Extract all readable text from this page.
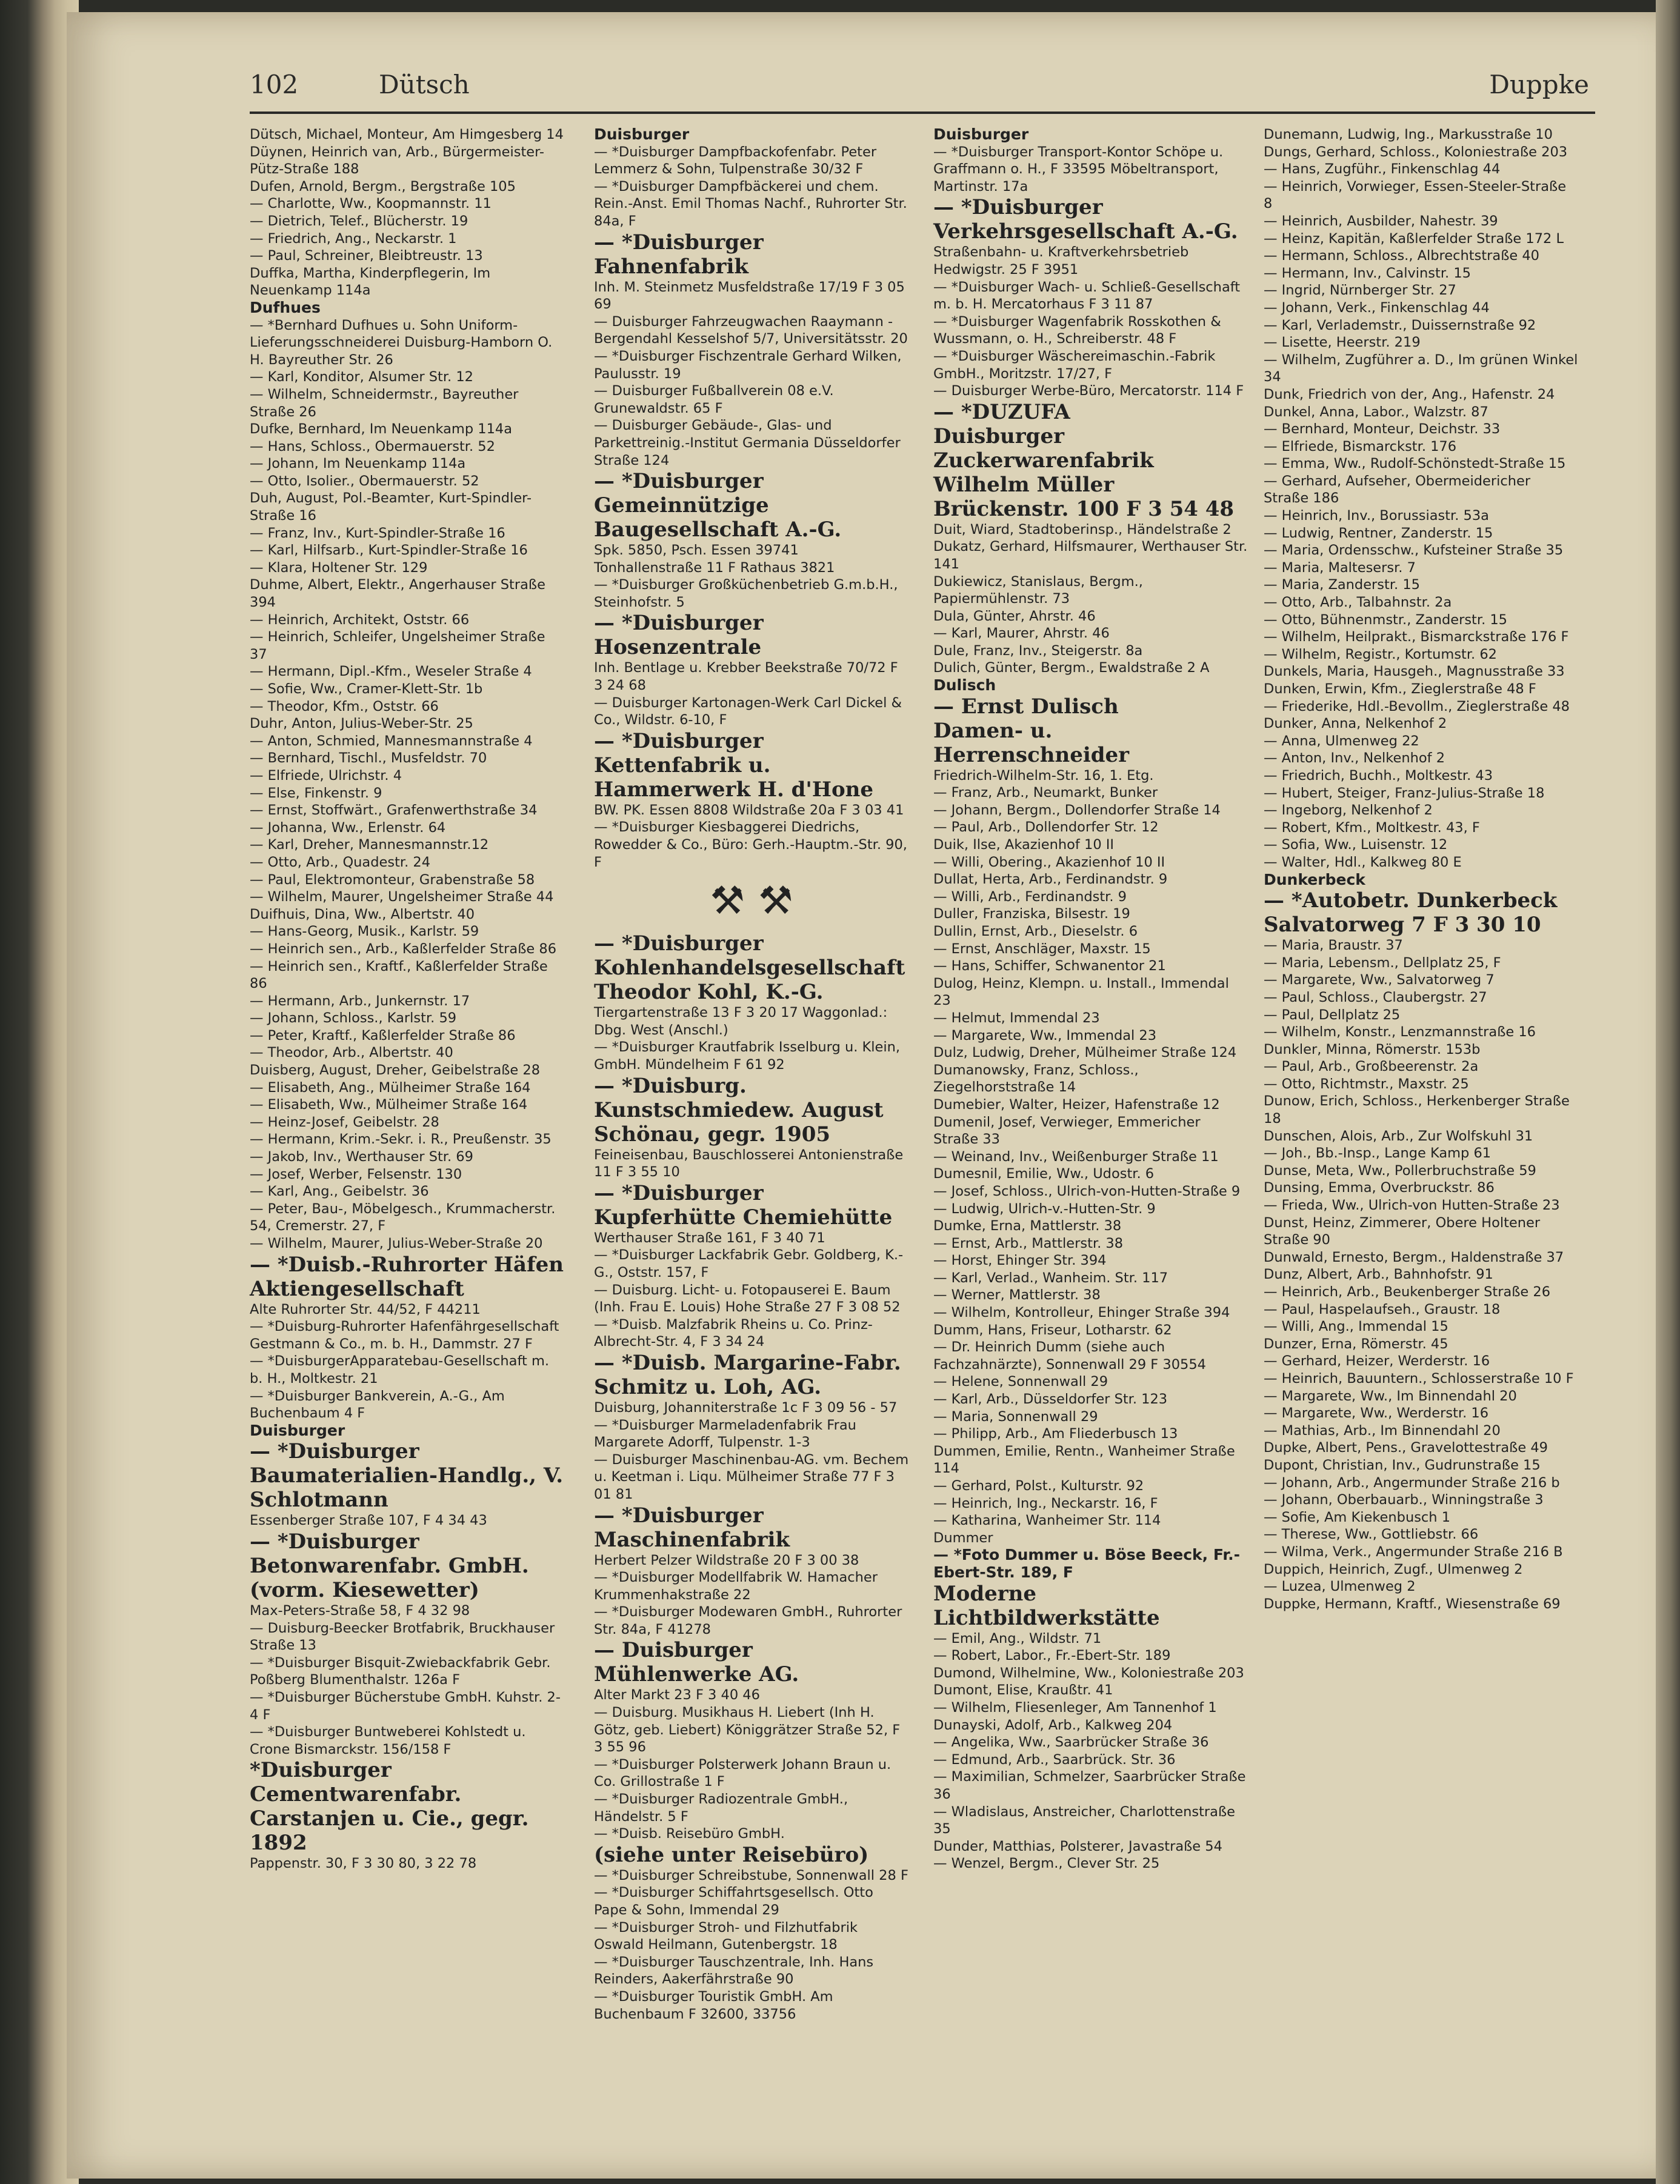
102	Dütsch	Duppke

Dütsch, Michael, Monteur, Am Himgesberg 14

Düynen, Heinrich van, Arb., Bürgermeister-Pütz-Straße 188

Dufen, Arnold, Bergm., Bergstraße 105

— Charlotte, Ww., Koopmannstr. 11

— Dietrich, Telef., Blücherstr. 19

— Friedrich, Ang., Neckarstr. 1

— Paul, Schreiner, Bleibtreustr. 13

Duffka, Martha, Kinderpflegerin, Im Neuenkamp 114a

Dufhues

— *Bernhard Dufhues u. Sohn Uniform-Lieferungsschneiderei Duisburg-Hamborn O. H. Bayreuther Str. 26

— Karl, Konditor, Alsumer Str. 12

— Wilhelm, Schneidermstr., Bayreuther Straße 26

Dufke, Bernhard, Im Neuenkamp 114a

— Hans, Schloss., Obermauerstr. 52

— Johann, Im Neuenkamp 114a

— Otto, Isolier., Obermauerstr. 52

Duh, August, Pol.-Beamter, Kurt-Spindler-Straße 16

— Franz, Inv., Kurt-Spindler-Straße 16

— Karl, Hilfsarb., Kurt-Spindler-Straße 16

— Klara, Holtener Str. 129

Duhme, Albert, Elektr., Angerhauser Straße 394

— Heinrich, Architekt, Oststr. 66

— Heinrich, Schleifer, Ungelsheimer Straße 37

— Hermann, Dipl.-Kfm., Weseler Straße 4

— Sofie, Ww., Cramer-Klett-Str. 1b

— Theodor, Kfm., Oststr. 66

Duhr, Anton, Julius-Weber-Str. 25

— Anton, Schmied, Mannesmannstraße 4

— Bernhard, Tischl., Musfeldstr. 70

— Elfriede, Ulrichstr. 4

— Else, Finkenstr. 9

— Ernst, Stoffwärt., Grafenwerthstraße 34

— Johanna, Ww., Erlenstr. 64

— Karl, Dreher, Mannesmannstr.12

— Otto, Arb., Quadestr. 24

— Paul, Elektromonteur, Grabenstraße 58

— Wilhelm, Maurer, Ungelsheimer Straße 44

Duifhuis, Dina, Ww., Albertstr. 40

— Hans-Georg, Musik., Karlstr. 59

— Heinrich sen., Arb., Kaßlerfelder Straße 86

— Heinrich sen., Kraftf., Kaßlerfelder Straße 86

— Hermann, Arb., Junkernstr. 17

— Johann, Schloss., Karlstr. 59

— Peter, Kraftf., Kaßlerfelder Straße 86

— Theodor, Arb., Albertstr. 40

Duisberg, August, Dreher, Geibelstraße 28

— Elisabeth, Ang., Mülheimer Straße 164

— Elisabeth, Ww., Mülheimer Straße 164

— Heinz-Josef, Geibelstr. 28

— Hermann, Krim.-Sekr. i. R., Preußenstr. 35

— Jakob, Inv., Werthauser Str. 69

— Josef, Werber, Felsenstr. 130

— Karl, Ang., Geibelstr. 36

— Peter, Bau-, Möbelgesch., Krummacherstr. 54, Cremerstr. 27, F

— Wilhelm, Maurer, Julius-Weber-Straße 20

— *Duisb.-Ruhrorter Häfen Aktiengesellschaft

Alte Ruhrorter Str. 44/52, F 44211

— *Duisburg-Ruhrorter Hafenfährgesellschaft Gestmann & Co., m. b. H., Dammstr. 27 F

— *DuisburgerApparatebau-Gesellschaft m. b. H., Moltkestr. 21

— *Duisburger Bankverein, A.-G., Am Buchenbaum 4 F

Duisburger

— *Duisburger Baumaterialien-Handlg., V. Schlotmann

Essenberger Straße 107, F 4 34 43

— *Duisburger Betonwarenfabr. GmbH. (vorm. Kiesewetter)

Max-Peters-Straße 58, F 4 32 98

— Duisburg-Beecker Brotfabrik, Bruckhauser Straße 13

— *Duisburger Bisquit-Zwiebackfabrik Gebr. Poßberg Blumenthalstr. 126a F

— *Duisburger Bücherstube GmbH. Kuhstr. 2-4 F

— *Duisburger Buntweberei Kohlstedt u. Crone Bismarckstr. 156/158 F

*Duisburger Cementwarenfabr. Carstanjen u. Cie., gegr. 1892

Pappenstr. 30, F 3 30 80, 3 22 78

Duisburger

— *Duisburger Dampfbackofenfabr. Peter Lemmerz & Sohn, Tulpenstraße 30/32 F

— *Duisburger Dampfbäckerei und chem. Rein.-Anst. Emil Thomas Nachf., Ruhrorter Str. 84a, F

— *Duisburger Fahnenfabrik

Inh. M. Steinmetz Musfeldstraße 17/19 F 3 05 69

— Duisburger Fahrzeugwachen Raaymann - Bergendahl Kesselshof 5/7, Universitätsstr. 20

— *Duisburger Fischzentrale Gerhard Wilken, Paulusstr. 19

— Duisburger Fußballverein 08 e.V. Grunewaldstr. 65 F

— Duisburger Gebäude-, Glas- und Parkettreinig.-Institut Germania Düsseldorfer Straße 124

— *Duisburger Gemeinnützige Baugesellschaft A.-G.

Spk. 5850, Psch. Essen 39741 Tonhallenstraße 11 F Rathaus 3821

— *Duisburger Großküchenbetrieb G.m.b.H., Steinhofstr. 5

— *Duisburger Hosenzentrale

Inh. Bentlage u. Krebber Beekstraße 70/72 F 3 24 68

— Duisburger Kartonagen-Werk Carl Dickel & Co., Wildstr. 6-10, F

— *Duisburger Kettenfabrik u. Hammerwerk H. d'Hone

BW. PK. Essen 8808 Wildstraße 20a F 3 03 41

— *Duisburger Kiesbaggerei Diedrichs, Rowedder & Co., Büro: Gerh.-Hauptm.-Str. 90, F

⚒ ⚒

— *Duisburger Kohlenhandelsgesellschaft

Theodor Kohl, K.-G.

Tiergartenstraße 13 F 3 20 17 Waggonlad.: Dbg. West (Anschl.)

— *Duisburger Krautfabrik Isselburg u. Klein, GmbH. Mündelheim F 61 92

— *Duisburg. Kunstschmiedew. August Schönau, gegr. 1905

Feineisenbau, Bauschlosserei Antonienstraße 11 F 3 55 10

— *Duisburger Kupferhütte Chemiehütte

Werthauser Straße 161, F 3 40 71

— *Duisburger Lackfabrik Gebr. Goldberg, K.-G., Oststr. 157, F

— Duisburg. Licht- u. Fotopauserei E. Baum (Inh. Frau E. Louis) Hohe Straße 27 F 3 08 52

— *Duisb. Malzfabrik Rheins u. Co. Prinz-Albrecht-Str. 4, F 3 34 24

— *Duisb. Margarine-Fabr. Schmitz u. Loh, AG.

Duisburg, Johanniterstraße 1c F 3 09 56 - 57

— *Duisburger Marmeladenfabrik Frau Margarete Adorff, Tulpenstr. 1-3

— Duisburger Maschinenbau-AG. vm. Bechem u. Keetman i. Liqu. Mülheimer Straße 77 F 3 01 81

— *Duisburger Maschinenfabrik

Herbert Pelzer Wildstraße 20 F 3 00 38

— *Duisburger Modellfabrik W. Hamacher Krummenhakstraße 22

— *Duisburger Modewaren GmbH., Ruhrorter Str. 84a, F 41278

— Duisburger Mühlenwerke AG.

Alter Markt 23 F 3 40 46

— Duisburg. Musikhaus H. Liebert (Inh H. Götz, geb. Liebert) Königgrätzer Straße 52, F 3 55 96

— *Duisburger Polsterwerk Johann Braun u. Co. Grillostraße 1 F

— *Duisburger Radiozentrale GmbH., Händelstr. 5 F

— *Duisb. Reisebüro GmbH.

(siehe unter Reisebüro)

— *Duisburger Schreibstube, Sonnenwall 28 F

— *Duisburger Schiffahrtsgesellsch. Otto Pape & Sohn, Immendal 29

— *Duisburger Stroh- und Filzhutfabrik Oswald Heilmann, Gutenbergstr. 18

— *Duisburger Tauschzentrale, Inh. Hans Reinders, Aakerfährstraße 90

— *Duisburger Touristik GmbH. Am Buchenbaum F 32600, 33756

Duisburger

— *Duisburger Transport-Kontor Schöpe u. Graffmann o. H., F 33595 Möbeltransport, Martinstr. 17a

— *Duisburger Verkehrsgesellschaft A.-G.

Straßenbahn- u. Kraftverkehrsbetrieb Hedwigstr. 25 F 3951

— *Duisburger Wach- u. Schließ-Gesellschaft m. b. H. Mercatorhaus F 3 11 87

— *Duisburger Wagenfabrik Rosskothen & Wussmann, o. H., Schreiberstr. 48 F

— *Duisburger Wäschereimaschin.-Fabrik GmbH., Moritzstr. 17/27, F

— Duisburger Werbe-Büro, Mercatorstr. 114 F

— *DUZUFA

Duisburger Zuckerwarenfabrik Wilhelm Müller

Brückenstr. 100 F 3 54 48

Duit, Wiard, Stadtoberinsp., Händelstraße 2

Dukatz, Gerhard, Hilfsmaurer, Werthauser Str. 141

Dukiewicz, Stanislaus, Bergm., Papiermühlenstr. 73

Dula, Günter, Ahrstr. 46

— Karl, Maurer, Ahrstr. 46

Dule, Franz, Inv., Steigerstr. 8a

Dulich, Günter, Bergm., Ewaldstraße 2 A

Dulisch

— Ernst Dulisch

Damen- u. Herrenschneider

Friedrich-Wilhelm-Str. 16, 1. Etg.

— Franz, Arb., Neumarkt, Bunker

— Johann, Bergm., Dollendorfer Straße 14

— Paul, Arb., Dollendorfer Str. 12

Duik, Ilse, Akazienhof 10 II

— Willi, Obering., Akazienhof 10 II

Dullat, Herta, Arb., Ferdinandstr. 9

— Willi, Arb., Ferdinandstr. 9

Duller, Franziska, Bilsestr. 19

Dullin, Ernst, Arb., Dieselstr. 6

— Ernst, Anschläger, Maxstr. 15

— Hans, Schiffer, Schwanentor 21

Dulog, Heinz, Klempn. u. Install., Immendal 23

— Helmut, Immendal 23

— Margarete, Ww., Immendal 23

Dulz, Ludwig, Dreher, Mülheimer Straße 124

Dumanowsky, Franz, Schloss., Ziegelhorststraße 14

Dumebier, Walter, Heizer, Hafenstraße 12

Dumenil, Josef, Verwieger, Emmericher Straße 33

— Weinand, Inv., Weißenburger Straße 11

Dumesnil, Emilie, Ww., Udostr. 6

— Josef, Schloss., Ulrich-von-Hutten-Straße 9

— Ludwig, Ulrich-v.-Hutten-Str. 9

Dumke, Erna, Mattlerstr. 38

— Ernst, Arb., Mattlerstr. 38

— Horst, Ehinger Str. 394

— Karl, Verlad., Wanheim. Str. 117

— Werner, Mattlerstr. 38

— Wilhelm, Kontrolleur, Ehinger Straße 394

Dumm, Hans, Friseur, Lotharstr. 62

— Dr. Heinrich Dumm (siehe auch Fachzahnärzte), Sonnenwall 29 F 30554

— Helene, Sonnenwall 29

— Karl, Arb., Düsseldorfer Str. 123

— Maria, Sonnenwall 29

— Philipp, Arb., Am Fliederbusch 13

Dummen, Emilie, Rentn., Wanheimer Straße 114

— Gerhard, Polst., Kulturstr. 92

— Heinrich, Ing., Neckarstr. 16, F

— Katharina, Wanheimer Str. 114

Dummer

— *Foto Dummer u. Böse Beeck, Fr.-Ebert-Str. 189, F

Moderne Lichtbildwerkstätte

— Emil, Ang., Wildstr. 71

— Robert, Labor., Fr.-Ebert-Str. 189

Dumond, Wilhelmine, Ww., Koloniestraße 203

Dumont, Elise, Kraußtr. 41

— Wilhelm, Fliesenleger, Am Tannenhof 1

Dunayski, Adolf, Arb., Kalkweg 204

— Angelika, Ww., Saarbrücker Straße 36

— Edmund, Arb., Saarbrück. Str. 36

— Maximilian, Schmelzer, Saarbrücker Straße 36

— Wladislaus, Anstreicher, Charlottenstraße 35

Dunder, Matthias, Polsterer, Javastraße 54

— Wenzel, Bergm., Clever Str. 25

Dunemann, Ludwig, Ing., Markusstraße 10

Dungs, Gerhard, Schloss., Koloniestraße 203

— Hans, Zugführ., Finkenschlag 44

— Heinrich, Vorwieger, Essen-Steeler-Straße 8

— Heinrich, Ausbilder, Nahestr. 39

— Heinz, Kapitän, Kaßlerfelder Straße 172 L

— Hermann, Schloss., Albrechtstraße 40

— Hermann, Inv., Calvinstr. 15

— Ingrid, Nürnberger Str. 27

— Johann, Verk., Finkenschlag 44

— Karl, Verlademstr., Duissernstraße 92

— Lisette, Heerstr. 219

— Wilhelm, Zugführer a. D., Im grünen Winkel 34

Dunk, Friedrich von der, Ang., Hafenstr. 24

Dunkel, Anna, Labor., Walzstr. 87

— Bernhard, Monteur, Deichstr. 33

— Elfriede, Bismarckstr. 176

— Emma, Ww., Rudolf-Schönstedt-Straße 15

— Gerhard, Aufseher, Obermeidericher Straße 186

— Heinrich, Inv., Borussiastr. 53a

— Ludwig, Rentner, Zanderstr. 15

— Maria, Ordensschw., Kufsteiner Straße 35

— Maria, Maltesersr. 7

— Maria, Zanderstr. 15

— Otto, Arb., Talbahnstr. 2a

— Otto, Bühnenmstr., Zanderstr. 15

— Wilhelm, Heilprakt., Bismarckstraße 176 F

— Wilhelm, Registr., Kortumstr. 62

Dunkels, Maria, Hausgeh., Magnusstraße 33

Dunken, Erwin, Kfm., Zieglerstraße 48 F

— Friederike, Hdl.-Bevollm., Zieglerstraße 48

Dunker, Anna, Nelkenhof 2

— Anna, Ulmenweg 22

— Anton, Inv., Nelkenhof 2

— Friedrich, Buchh., Moltkestr. 43

— Hubert, Steiger, Franz-Julius-Straße 18

— Ingeborg, Nelkenhof 2

— Robert, Kfm., Moltkestr. 43, F

— Sofia, Ww., Luisenstr. 12

— Walter, Hdl., Kalkweg 80 E

Dunkerbeck

— *Autobetr. Dunkerbeck

Salvatorweg 7 F 3 30 10

— Maria, Braustr. 37

— Maria, Lebensm., Dellplatz 25, F

— Margarete, Ww., Salvatorweg 7

— Paul, Schloss., Claubergstr. 27

— Paul, Dellplatz 25

— Wilhelm, Konstr., Lenzmannstraße 16

Dunkler, Minna, Römerstr. 153b

— Paul, Arb., Großbeerenstr. 2a

— Otto, Richtmstr., Maxstr. 25

Dunow, Erich, Schloss., Herkenberger Straße 18

Dunschen, Alois, Arb., Zur Wolfskuhl 31

— Joh., Bb.-Insp., Lange Kamp 61

Dunse, Meta, Ww., Pollerbruchstraße 59

Dunsing, Emma, Overbruckstr. 86

— Frieda, Ww., Ulrich-von Hutten-Straße 23

Dunst, Heinz, Zimmerer, Obere Holtener Straße 90

Dunwald, Ernesto, Bergm., Haldenstraße 37

Dunz, Albert, Arb., Bahnhofstr. 91

— Heinrich, Arb., Beukenberger Straße 26

— Paul, Haspelaufseh., Graustr. 18

— Willi, Ang., Immendal 15

Dunzer, Erna, Römerstr. 45

— Gerhard, Heizer, Werderstr. 16

— Heinrich, Bauuntern., Schlosserstraße 10 F

— Margarete, Ww., Im Binnendahl 20

— Margarete, Ww., Werderstr. 16

— Mathias, Arb., Im Binnendahl 20

Dupke, Albert, Pens., Gravelottestraße 49

Dupont, Christian, Inv., Gudrunstraße 15

— Johann, Arb., Angermunder Straße 216 b

— Johann, Oberbauarb., Winningstraße 3

— Sofie, Am Kiekenbusch 1

— Therese, Ww., Gottliebstr. 66

— Wilma, Verk., Angermunder Straße 216 B

Duppich, Heinrich, Zugf., Ulmenweg 2

— Luzea, Ulmenweg 2

Duppke, Hermann, Kraftf., Wiesenstraße 69
